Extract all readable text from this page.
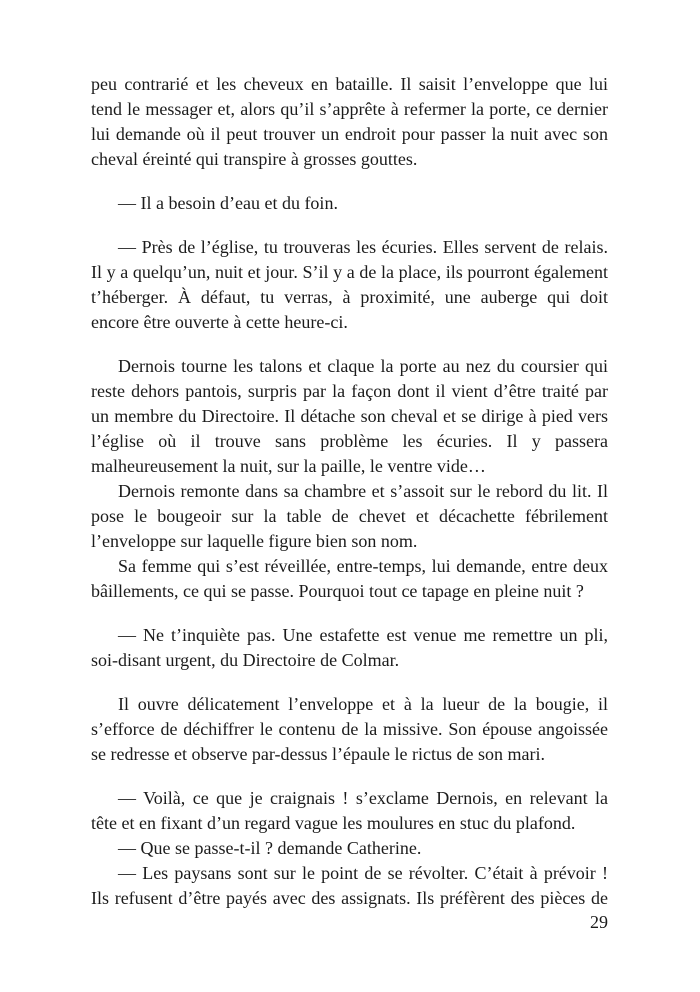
peu contrarié et les cheveux en bataille. Il saisit l’enveloppe que lui
tend le messager et, alors qu’il s’apprête à refermer la porte, ce dernier
lui demande où il peut trouver un endroit pour passer la nuit avec son
cheval éreinté qui transpire à grosses gouttes.
— Il a besoin d’eau et du foin.
— Près de l’église, tu trouveras les écuries. Elles servent de relais.
Il y a quelqu’un, nuit et jour. S’il y a de la place, ils pourront également
t’héberger. À défaut, tu verras, à proximité, une auberge qui doit
encore être ouverte à cette heure-ci.
Dernois tourne les talons et claque la porte au nez du coursier qui
reste dehors pantois, surpris par la façon dont il vient d’être traité par
un membre du Directoire. Il détache son cheval et se dirige à pied vers
l’église où il trouve sans problème les écuries. Il y passera
malheureusement la nuit, sur la paille, le ventre vide…
Dernois remonte dans sa chambre et s’assoit sur le rebord du lit. Il
pose le bougeoir sur la table de chevet et décachette fébrilement
l’enveloppe sur laquelle figure bien son nom.
Sa femme qui s’est réveillée, entre-temps, lui demande, entre deux
bâillements, ce qui se passe. Pourquoi tout ce tapage en pleine nuit ?
— Ne t’inquiète pas. Une estafette est venue me remettre un pli,
soi-disant urgent, du Directoire de Colmar.
Il ouvre délicatement l’enveloppe et à la lueur de la bougie, il
s’efforce de déchiffrer le contenu de la missive. Son épouse angoissée
se redresse et observe par-dessus l’épaule le rictus de son mari.
— Voilà, ce que je craignais ! s’exclame Dernois, en relevant la
tête et en fixant d’un regard vague les moulures en stuc du plafond.
— Que se passe-t-il ? demande Catherine.
— Les paysans sont sur le point de se révolter. C’était à prévoir !
Ils refusent d’être payés avec des assignats. Ils préfèrent des pièces de
29
